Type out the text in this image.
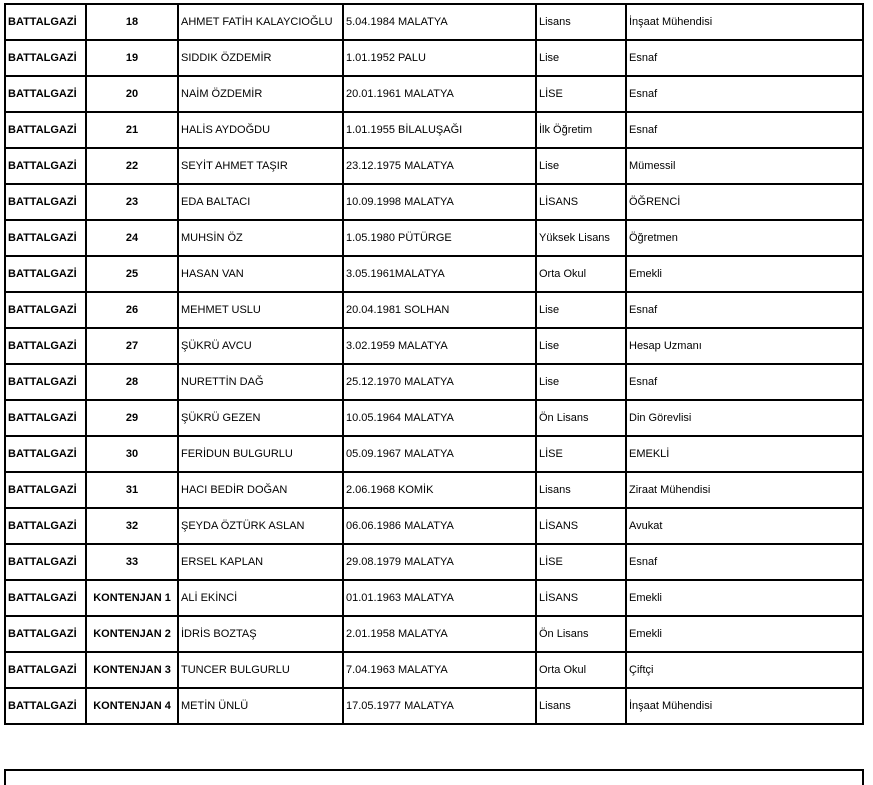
BATTALGAZİ	18	AHMET FATİH KALAYCIOĞLU	5.04.1984 MALATYA	Lisans	İnşaat Mühendisi
BATTALGAZİ	19	SIDDIK ÖZDEMİR	1.01.1952 PALU	Lise	Esnaf
BATTALGAZİ	20	NAİM ÖZDEMİR	20.01.1961 MALATYA	LİSE	Esnaf
BATTALGAZİ	21	HALİS AYDOĞDU	1.01.1955 BİLALUŞAĞI	İlk Öğretim	Esnaf
BATTALGAZİ	22	SEYİT AHMET TAŞIR	23.12.1975 MALATYA	Lise	Mümessil
BATTALGAZİ	23	EDA BALTACI	10.09.1998 MALATYA	LİSANS	ÖĞRENCİ
BATTALGAZİ	24	MUHSİN ÖZ	1.05.1980 PÜTÜRGE	Yüksek Lisans	Öğretmen
BATTALGAZİ	25	HASAN VAN	3.05.1961MALATYA	Orta Okul	Emekli
BATTALGAZİ	26	MEHMET USLU	20.04.1981 SOLHAN	Lise	Esnaf
BATTALGAZİ	27	ŞÜKRÜ AVCU	3.02.1959 MALATYA	Lise	Hesap Uzmanı
BATTALGAZİ	28	NURETTİN DAĞ	25.12.1970 MALATYA	Lise	Esnaf
BATTALGAZİ	29	ŞÜKRÜ GEZEN	10.05.1964 MALATYA	Ön Lisans	Din Görevlisi
BATTALGAZİ	30	FERİDUN BULGURLU	05.09.1967 MALATYA	LİSE	EMEKLİ
BATTALGAZİ	31	HACI BEDİR DOĞAN	2.06.1968 KOMİK	Lisans	Ziraat Mühendisi
BATTALGAZİ	32	ŞEYDA ÖZTÜRK ASLAN	06.06.1986 MALATYA	LİSANS	Avukat
BATTALGAZİ	33	ERSEL KAPLAN	29.08.1979 MALATYA	LİSE	Esnaf
BATTALGAZİ	KONTENJAN 1	ALİ EKİNCİ	01.01.1963 MALATYA	LİSANS	Emekli
BATTALGAZİ	KONTENJAN 2	İDRİS BOZTAŞ	2.01.1958 MALATYA	Ön Lisans	Emekli
BATTALGAZİ	KONTENJAN 3	TUNCER BULGURLU	7.04.1963 MALATYA	Orta Okul	Çiftçi
BATTALGAZİ	KONTENJAN 4	METİN ÜNLÜ	17.05.1977 MALATYA	Lisans	İnşaat Mühendisi
